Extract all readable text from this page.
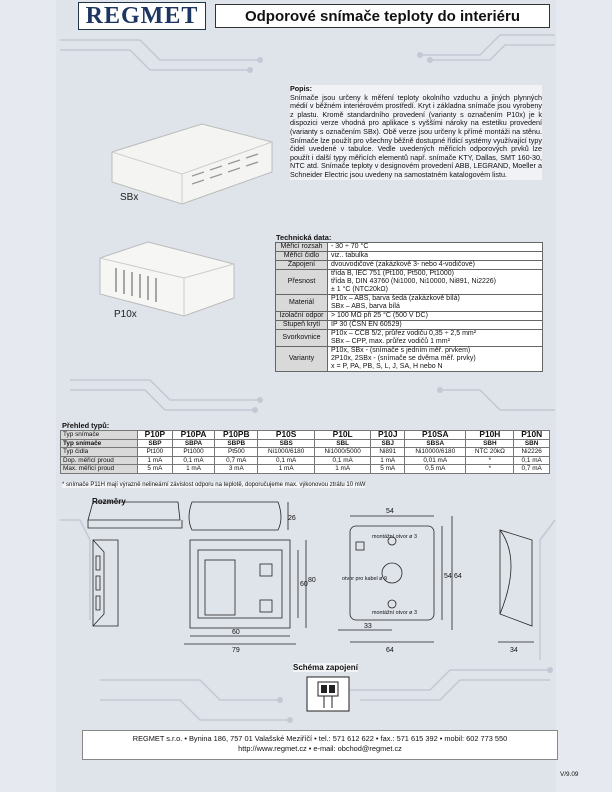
REGMET	Odporové snímače teploty do interiéru
SBx
P10x
Popis:
Snímače jsou určeny k měření teploty okolního vzduchu a jiných plynných médií v běžném interiérovém prostředí. Kryt i základna snímače jsou vyrobeny z plastu. Kromě standardního provedení (varianty s označením P10x) je k dispozici verze vhodná pro aplikace s vyššími nároky na estetiku provedení (varianty s označením SBx). Obě verze jsou určeny k přímé montáži na stěnu. Snímače lze použít pro všechny běžně dostupné řídicí systémy využívající typy čidel uvedené v tabulce. Vedle uvedených měřicích odporových prvků lze použít i další typy měřicích elementů např. snímače KTY, Dallas, SMT 160-30, NTC atd. Snímače teploty v designovém provedení ABB, LEGRAND, Moeller a Schneider Electric jsou uvedeny na samostatném katalogovém listu.
Technická data:
Měřicí rozsah	- 30 ÷ 70 °C
Měřicí čidlo	viz.. tabulka
Zapojení	dvouvodičové (zakázkově 3- nebo 4-vodičové)
Přesnost	třída B, IEC 751 (Pt100, Pt500, Pt1000)
třída B, DIN 43760 (Ni1000, Ni10000, Ni891, Ni2226)
± 1 °C (NTC20kΩ)

Materiál	P10x – ABS, barva šedá (zakázkově bílá)
SBx – ABS, barva bílá

Izolační odpor	> 100 MΩ při 25 °C (500 V DC)
Stupeň krytí	IP 30 (ČSN EN 60529)
Svorkovnice	P10x – CCB 5/2, průřez vodiču 0,35 ÷ 2,5 mm²
SBx – CPP, max. průřez vodičů 1 mm²

Varianty	P10x, SBx - (snímače s jedním měř. prvkem)
2P10x, 2SBx - (snímače se dvěma měř. prvky)
x = P, PA, PB, S, L, J, SA, H nebo N
Přehled typů:
Typ snímače	P10P	P10PA	P10PB	P10S	P10L	P10J	P10SA	P10H	P10N
Typ snímače	SBP	SBPA	SBPB	SBS	SBL	SBJ	SBSA	SBH	SBN
Typ čidla	Pt100	Pt1000	Pt500	Ni1000/6180	Ni1000/5000	Ni891	Ni10000/6180	NTC 20kΩ	Ni2226
Dop. měřicí proud	1 mA	0,1 mA	0,7 mA	0,1 mA	0,1 mA	1 mA	0,01 mA	*	0,1 mA
Max. měřicí proud	5 mA	1 mA	3 mA	1 mA	1 mA	5 mA	0,5 mA	*	0,7 mA
* snímače P11H mají výrazně nelineární závislost odporu na teplotě, doporučujeme max. výkonovou ztrátu 10 mW
Rozměry
26
60
79
60
80
54
54 64
33
64	34
montážní otvor ø 3
otvor pro kabel ø 9
montážní otvor ø 3
Schéma zapojení
REGMET s.r.o. • Bynina 186, 757 01 Valašské Meziříčí • tel.: 571 612 622 • fax.: 571 615 392 • mobil: 602 773 550
http://www.regmet.cz • e-mail: obchod@regmet.cz
V/9.09
